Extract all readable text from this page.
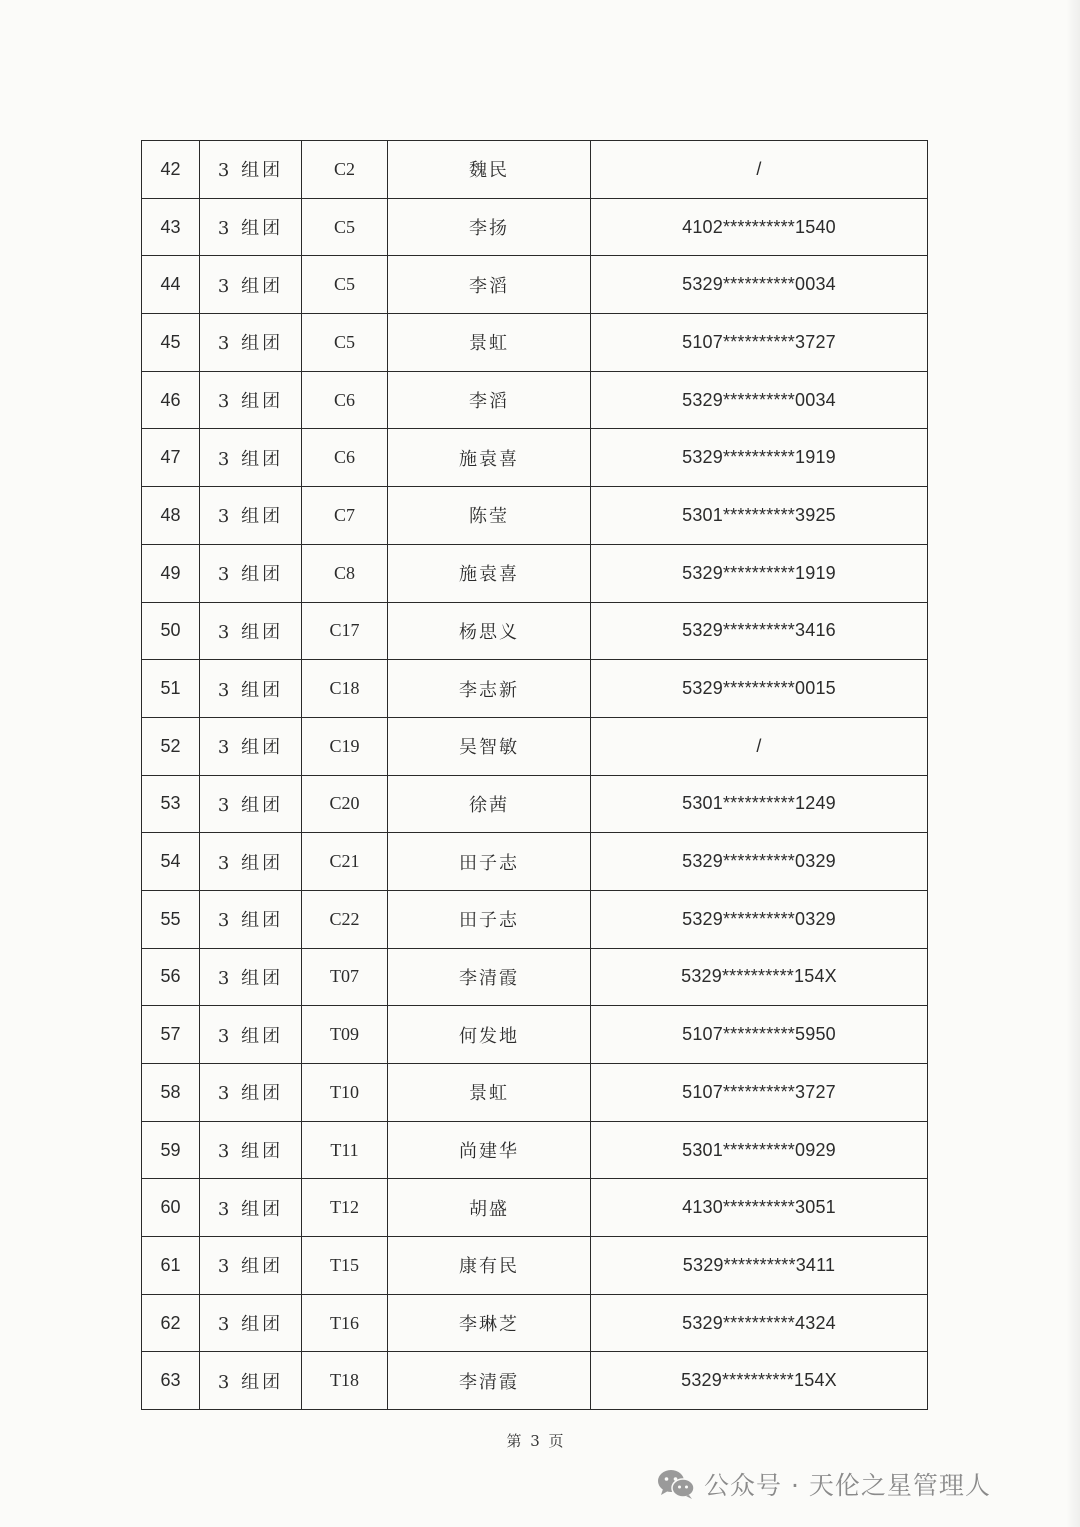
42	3 组团	C2	魏民	/
43	3 组团	C5	李扬	4102**********1540
44	3 组团	C5	李滔	5329**********0034
45	3 组团	C5	景虹	5107**********3727
46	3 组团	C6	李滔	5329**********0034
47	3 组团	C6	施袁喜	5329**********1919
48	3 组团	C7	陈莹	5301**********3925
49	3 组团	C8	施袁喜	5329**********1919
50	3 组团	C17	杨思义	5329**********3416
51	3 组团	C18	李志新	5329**********0015
52	3 组团	C19	吴智敏	/
53	3 组团	C20	徐茜	5301**********1249
54	3 组团	C21	田子志	5329**********0329
55	3 组团	C22	田子志	5329**********0329
56	3 组团	T07	李清霞	5329**********154X
57	3 组团	T09	何发地	5107**********5950
58	3 组团	T10	景虹	5107**********3727
59	3 组团	T11	尚建华	5301**********0929
60	3 组团	T12	胡盛	4130**********3051
61	3 组团	T15	康有民	5329**********3411
62	3 组团	T16	李琳芝	5329**********4324
63	3 组团	T18	李清霞	5329**********154X
第 3 页
公众号 · 天伦之星管理人
